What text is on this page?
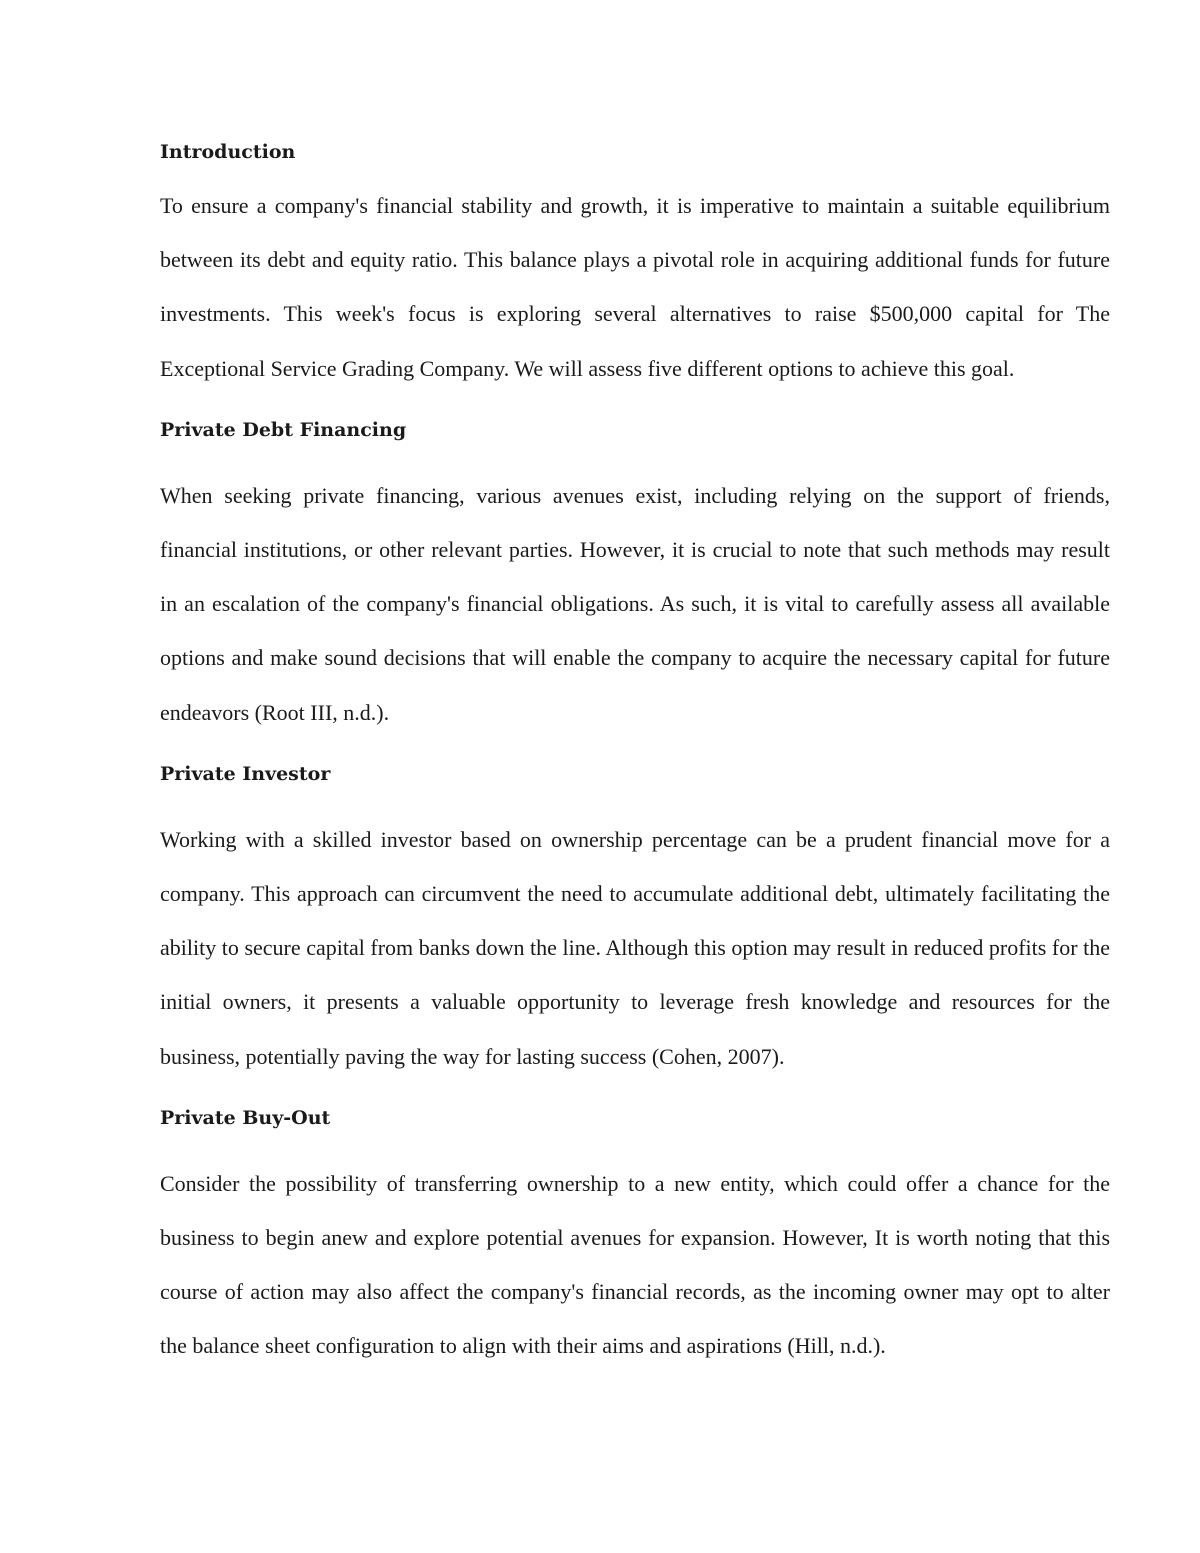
Introduction

To ensure a company's financial stability and growth, it is imperative to maintain a suitable equilibrium between its debt and equity ratio. This balance plays a pivotal role in acquiring additional funds for future investments. This week's focus is exploring several alternatives to raise $500,000 capital for The Exceptional Service Grading Company. We will assess five different options to achieve this goal.

Private Debt Financing

When seeking private financing, various avenues exist, including relying on the support of friends, financial institutions, or other relevant parties. However, it is crucial to note that such methods may result in an escalation of the company's financial obligations. As such, it is vital to carefully assess all available options and make sound decisions that will enable the company to acquire the necessary capital for future endeavors (Root III, n.d.).

Private Investor

Working with a skilled investor based on ownership percentage can be a prudent financial move for a company. This approach can circumvent the need to accumulate additional debt, ultimately facilitating the ability to secure capital from banks down the line. Although this option may result in reduced profits for the initial owners, it presents a valuable opportunity to leverage fresh knowledge and resources for the business, potentially paving the way for lasting success (Cohen, 2007).

Private Buy-Out

Consider the possibility of transferring ownership to a new entity, which could offer a chance for the business to begin anew and explore potential avenues for expansion. However, It is worth noting that this course of action may also affect the company's financial records, as the incoming owner may opt to alter the balance sheet configuration to align with their aims and aspirations (Hill, n.d.).
